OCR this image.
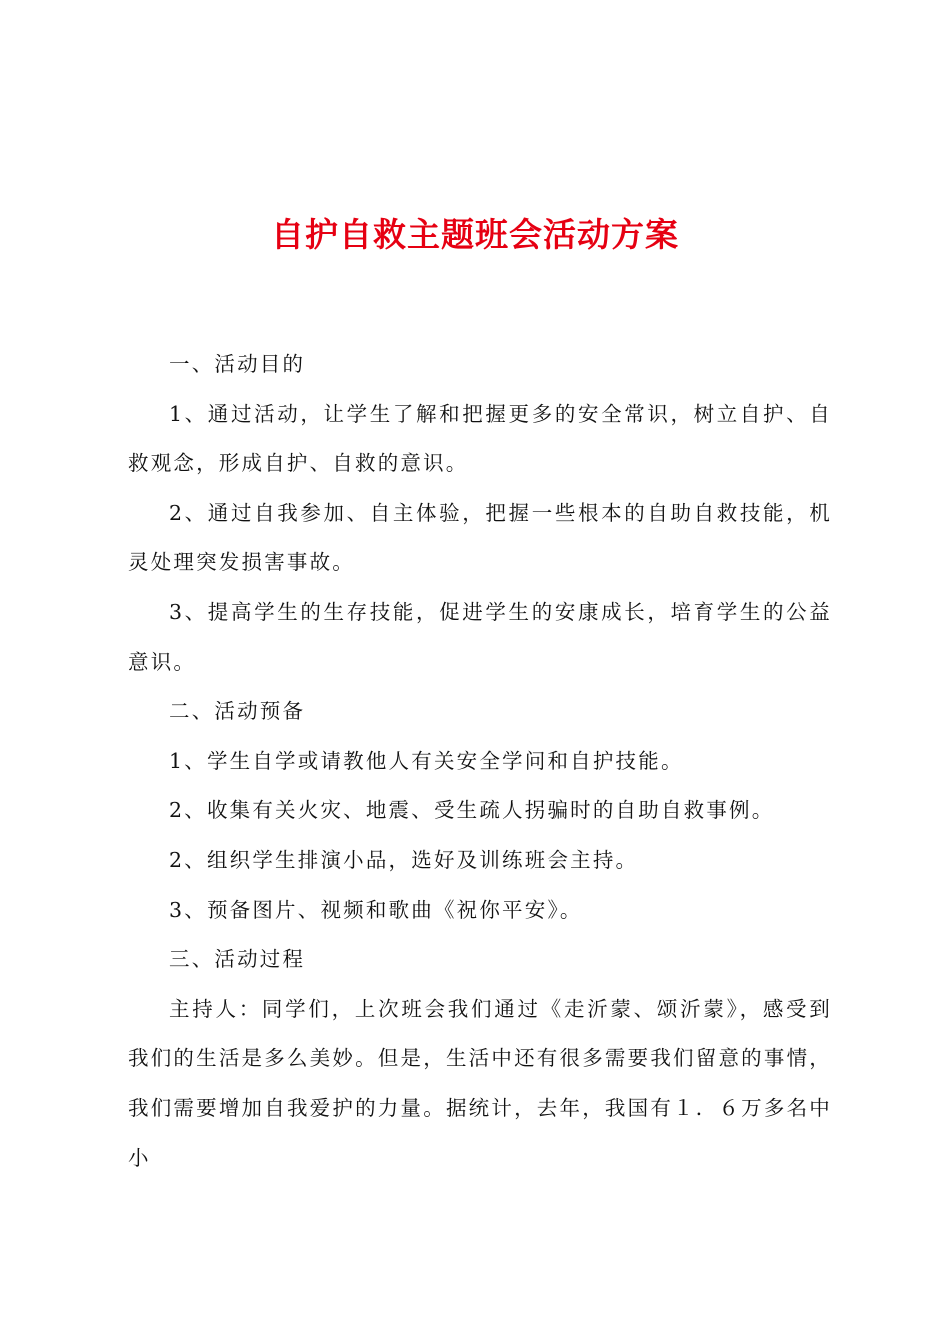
自护自救主题班会活动方案

一、活动目的

1、通过活动，让学生了解和把握更多的安全常识，树立自护、自救观念，形成自护、自救的意识。

2、通过自我参加、自主体验，把握一些根本的自助自救技能，机灵处理突发损害事故。

3、提高学生的生存技能，促进学生的安康成长，培育学生的公益意识。

二、活动预备

1、学生自学或请教他人有关安全学问和自护技能。

2、收集有关火灾、地震、受生疏人拐骗时的自助自救事例。

2、组织学生排演小品，选好及训练班会主持。

3、预备图片、视频和歌曲《祝你平安》。

三、活动过程

主持人：同学们，上次班会我们通过《走沂蒙、颂沂蒙》，感受到我们的生活是多么美妙。但是，生活中还有很多需要我们留意的事情，我们需要增加自我爱护的力量。据统计，去年，我国有１．６万多名中小
